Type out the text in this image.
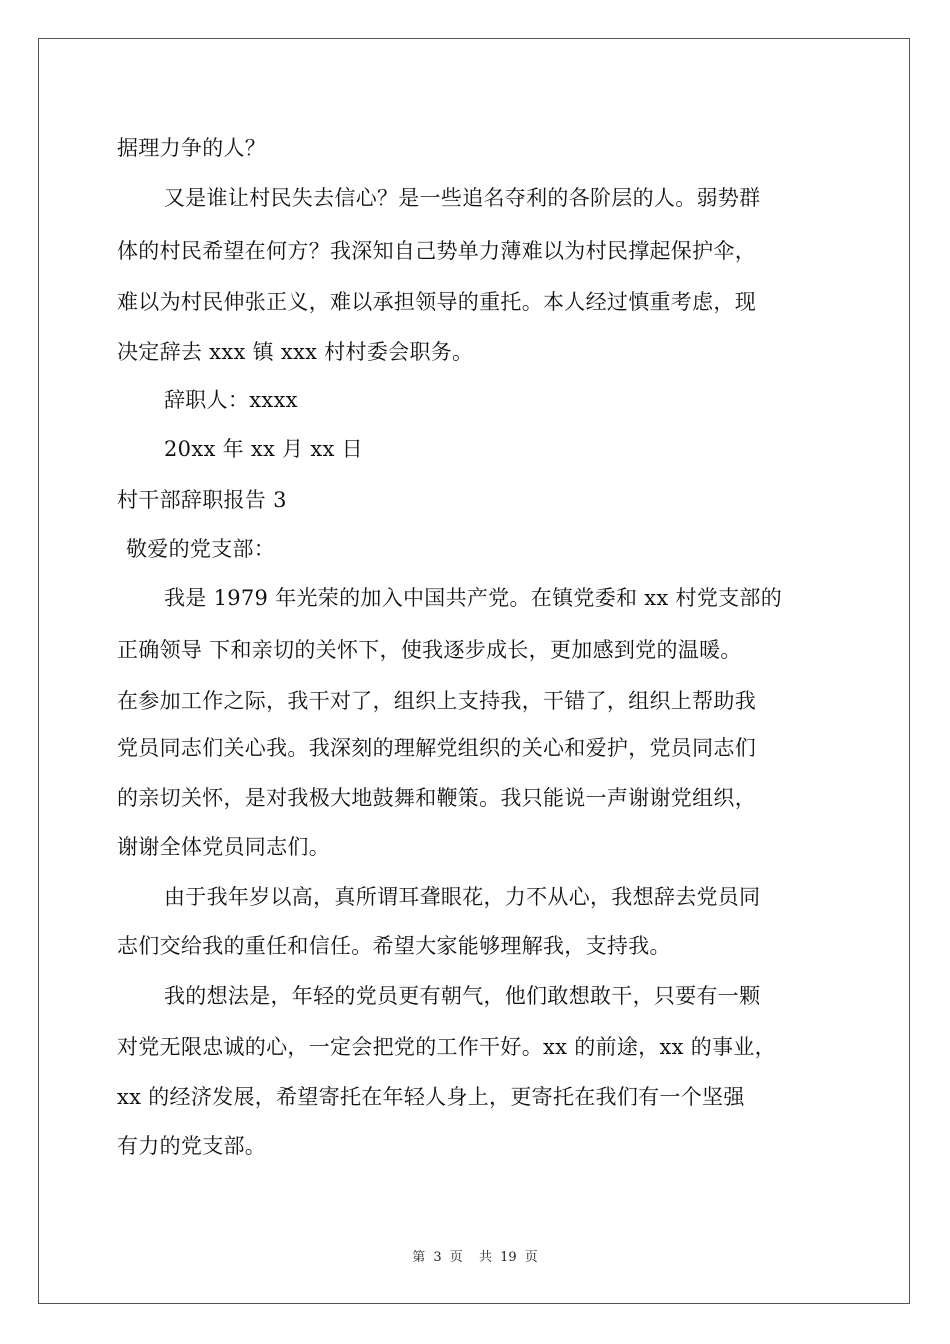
据理力争的人？
又是谁让村民失去信心？是一些追名夺利的各阶层的人。弱势群
体的村民希望在何方？我深知自己势单力薄难以为村民撑起保护伞，
难以为村民伸张正义，难以承担领导的重托。本人经过慎重考虑，现
决定辞去 xxx 镇 xxx 村村委会职务。
辞职人：xxxx
20xx 年 xx 月 xx 日
村干部辞职报告 3
敬爱的党支部：
我是 1979 年光荣的加入中国共产党。在镇党委和 xx 村党支部的
正确领导 下和亲切的关怀下，使我逐步成长，更加感到党的温暖。
在参加工作之际，我干对了，组织上支持我，干错了，组织上帮助我
党员同志们关心我。我深刻的理解党组织的关心和爱护，党员同志们
的亲切关怀，是对我极大地鼓舞和鞭策。我只能说一声谢谢党组织，
谢谢全体党员同志们。
由于我年岁以高，真所谓耳聋眼花，力不从心，我想辞去党员同
志们交给我的重任和信任。希望大家能够理解我，支持我。
我的想法是，年轻的党员更有朝气，他们敢想敢干，只要有一颗
对党无限忠诚的心，一定会把党的工作干好。xx 的前途，xx 的事业，
xx 的经济发展，希望寄托在年轻人身上，更寄托在我们有一个坚强
有力的党支部。
第 3 页 共 19 页
